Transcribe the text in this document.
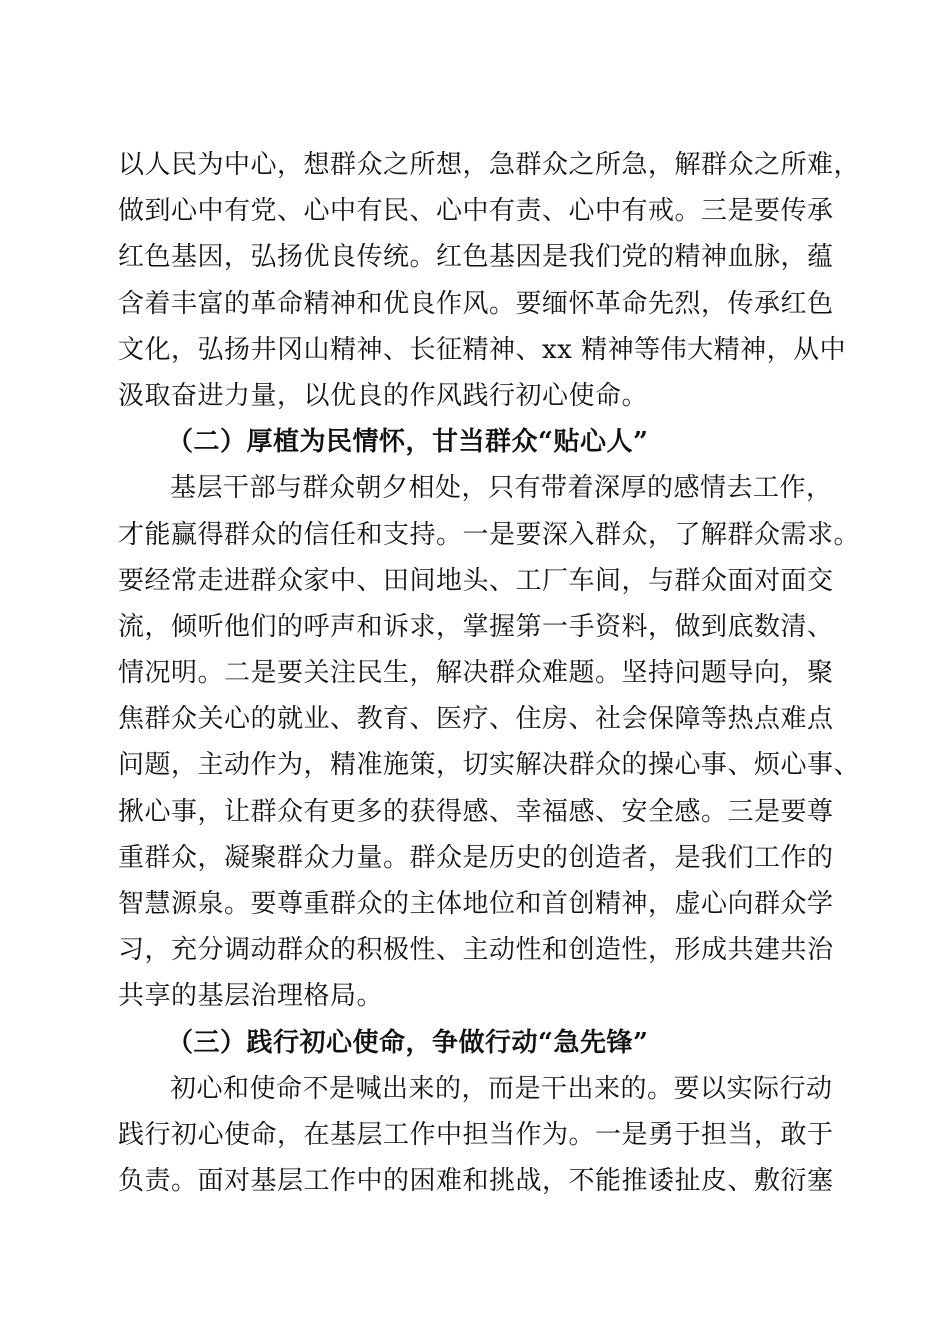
以人民为中心，想群众之所想，急群众之所急，解群众之所难，
做到心中有党、心中有民、心中有责、心中有戒。三是要传承
红色基因，弘扬优良传统。红色基因是我们党的精神血脉，蕴
含着丰富的革命精神和优良作风。要缅怀革命先烈，传承红色
文化，弘扬井冈山精神、长征精神、xx 精神等伟大精神，从中
汲取奋进力量，以优良的作风践行初心使命。
（二）厚植为民情怀，甘当群众“贴心人”
基层干部与群众朝夕相处，只有带着深厚的感情去工作，
才能赢得群众的信任和支持。一是要深入群众，了解群众需求。
要经常走进群众家中、田间地头、工厂车间，与群众面对面交
流，倾听他们的呼声和诉求，掌握第一手资料，做到底数清、
情况明。二是要关注民生，解决群众难题。坚持问题导向，聚
焦群众关心的就业、教育、医疗、住房、社会保障等热点难点
问题，主动作为，精准施策，切实解决群众的操心事、烦心事、
揪心事，让群众有更多的获得感、幸福感、安全感。三是要尊
重群众，凝聚群众力量。群众是历史的创造者，是我们工作的
智慧源泉。要尊重群众的主体地位和首创精神，虚心向群众学
习，充分调动群众的积极性、主动性和创造性，形成共建共治
共享的基层治理格局。
（三）践行初心使命，争做行动“急先锋”
初心和使命不是喊出来的，而是干出来的。要以实际行动
践行初心使命，在基层工作中担当作为。一是勇于担当，敢于
负责。面对基层工作中的困难和挑战，不能推诿扯皮、敷衍塞
